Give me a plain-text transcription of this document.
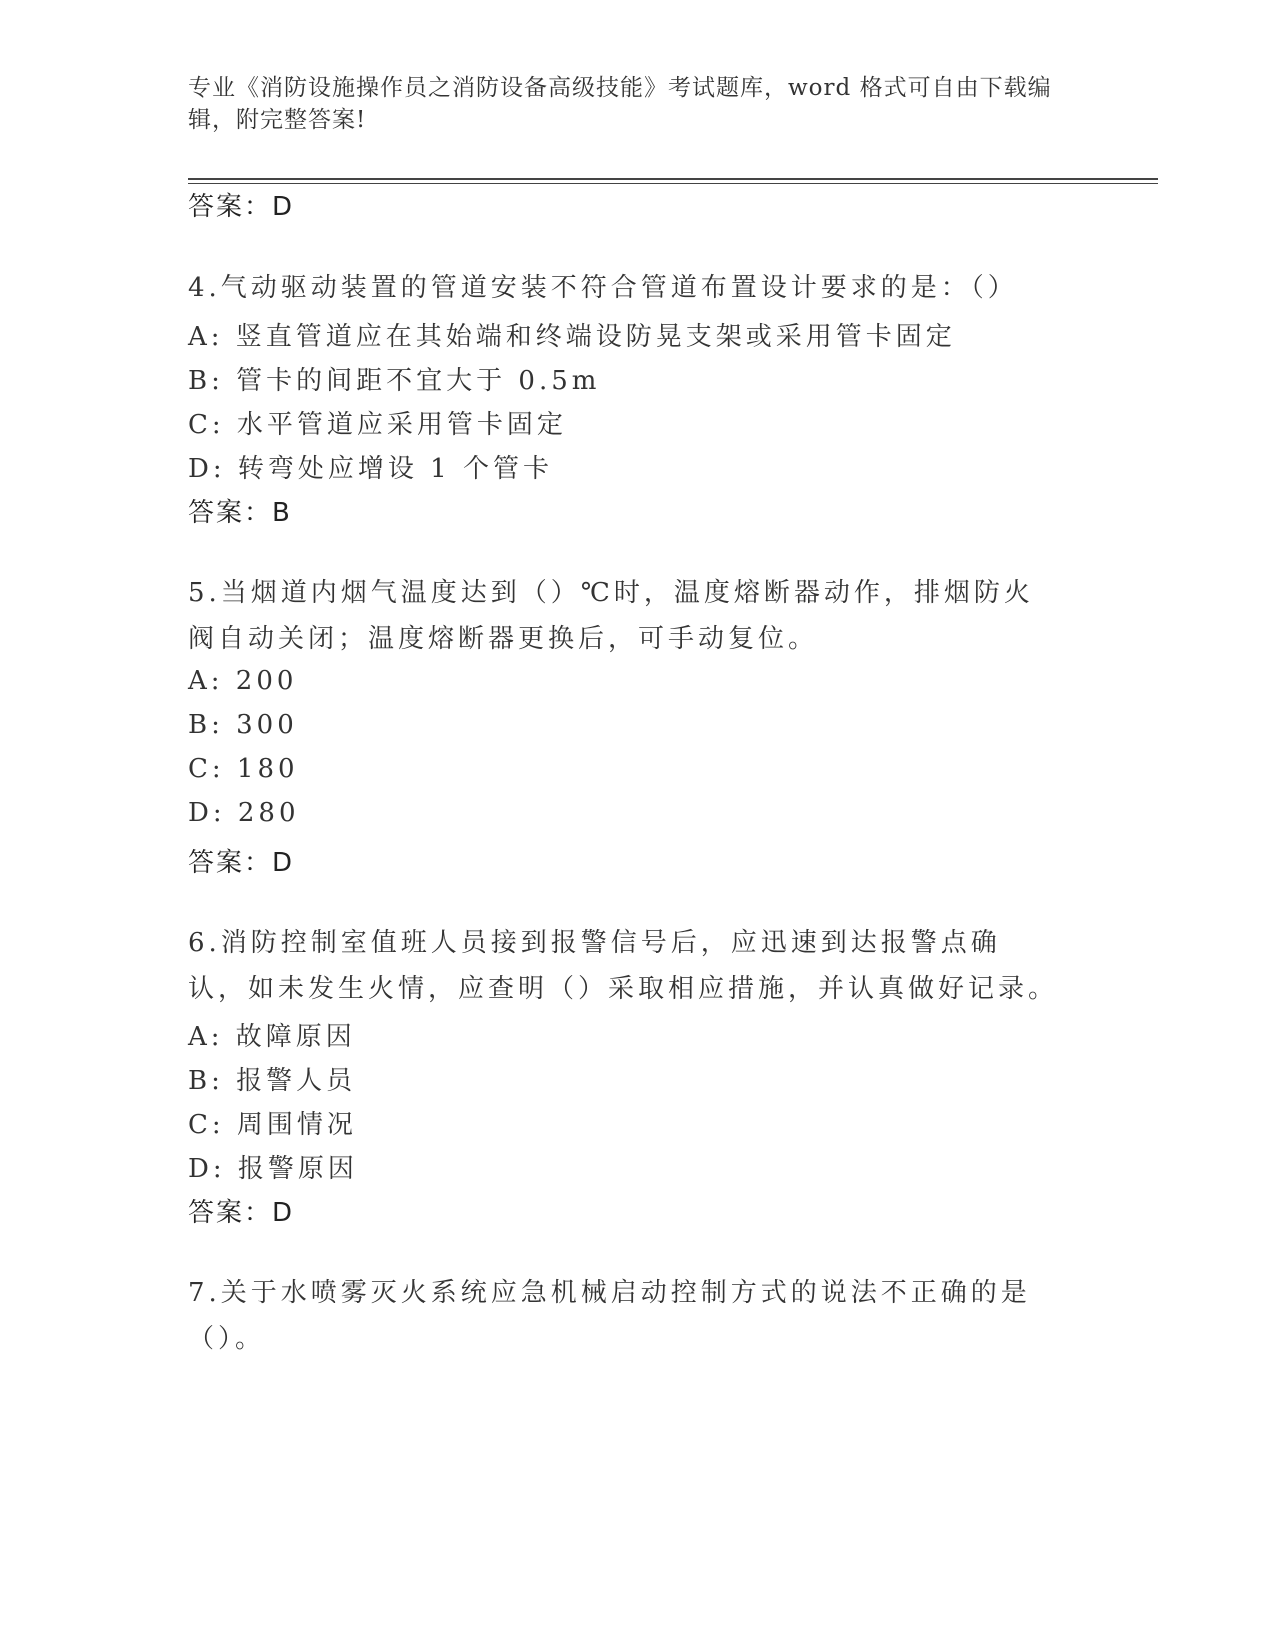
专业《消防设施操作员之消防设备高级技能》考试题库，word 格式可自由下载编辑，附完整答案!
答案：D
4.气动驱动装置的管道安装不符合管道布置设计要求的是：（）
A: 竖直管道应在其始端和终端设防晃支架或采用管卡固定
B: 管卡的间距不宜大于 0.5m
C: 水平管道应采用管卡固定
D: 转弯处应增设 1 个管卡
答案：B
5.当烟道内烟气温度达到（）℃时，温度熔断器动作，排烟防火阀自动关闭；温度熔断器更换后，可手动复位。
A: 200
B: 300
C: 180
D: 280
答案：D
6.消防控制室值班人员接到报警信号后，应迅速到达报警点确认，如未发生火情，应查明（）采取相应措施，并认真做好记录。
A: 故障原因
B: 报警人员
C: 周围情况
D: 报警原因
答案：D
7.关于水喷雾灭火系统应急机械启动控制方式的说法不正确的是（）。
